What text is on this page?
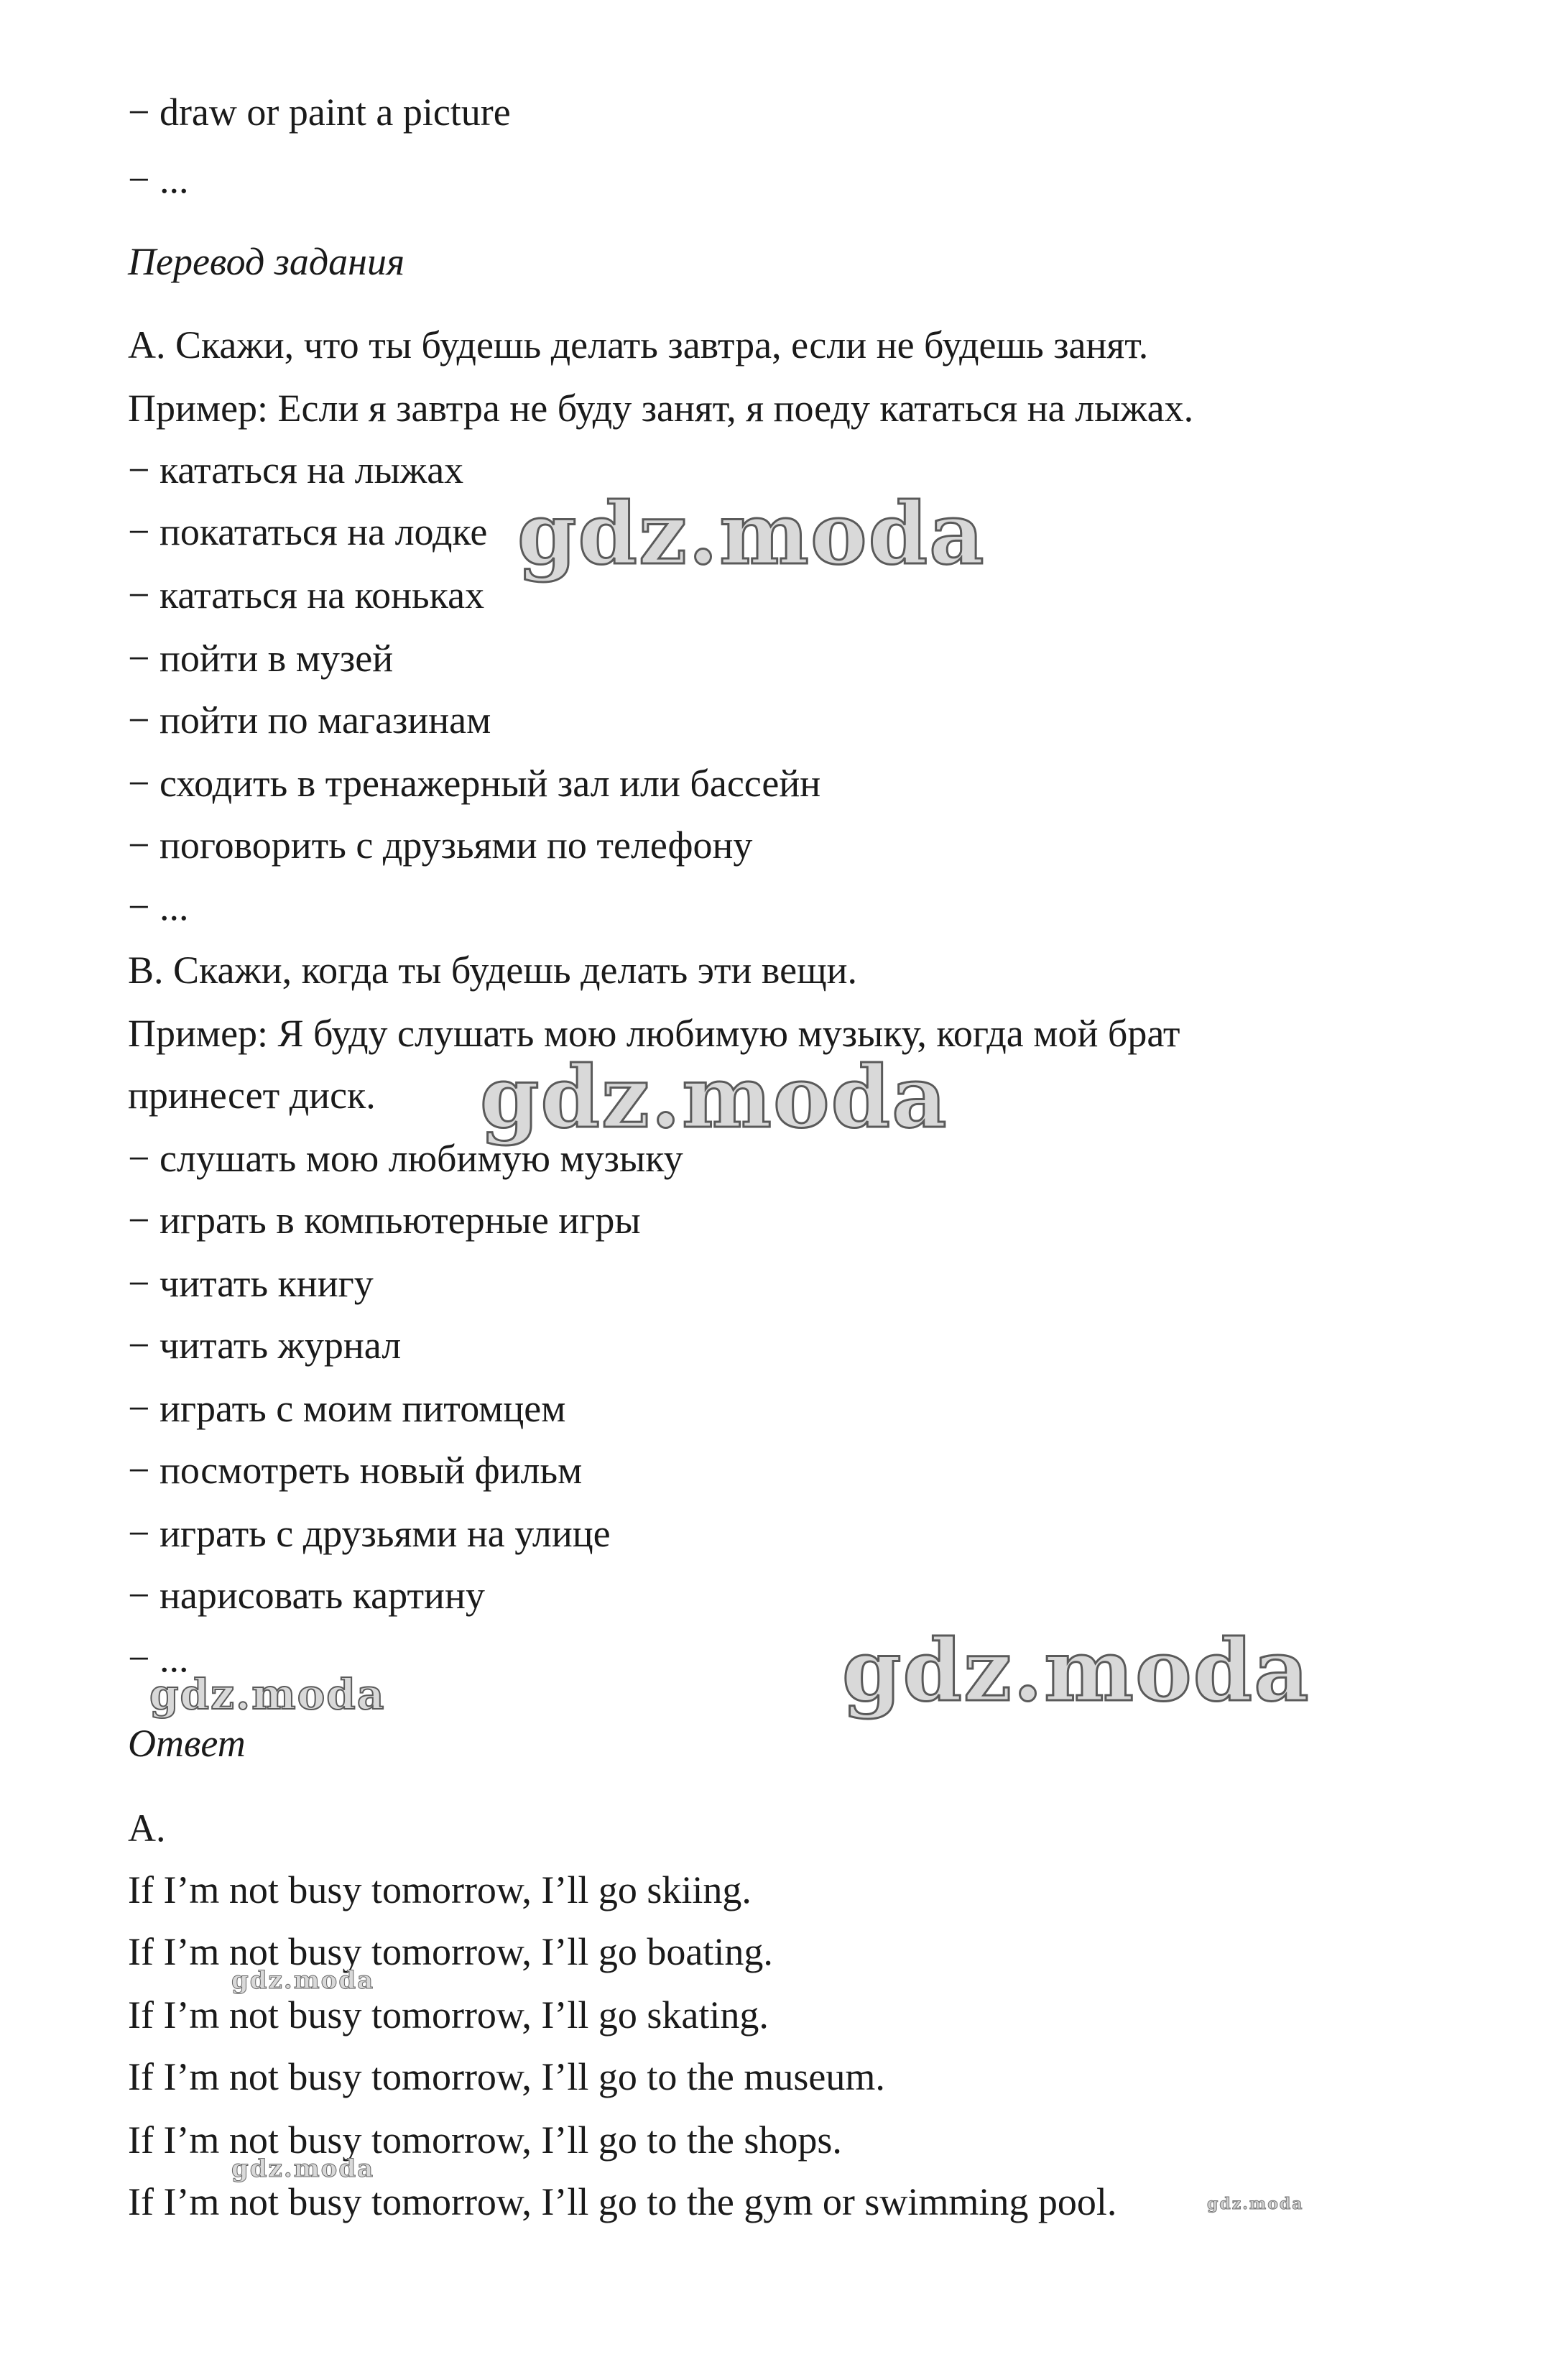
− draw or paint a picture
− ...
Перевод задания
A. Скажи, что ты будешь делать завтра, если не будешь занят.
Пример: Если я завтра не буду занят, я поеду кататься на лыжах.
− кататься на лыжах
− покататься на лодке
− кататься на коньках
− пойти в музей
− пойти по магазинам
− сходить в тренажерный зал или бассейн
− поговорить с друзьями по телефону
− ...
B. Скажи, когда ты будешь делать эти вещи.
Пример: Я буду слушать мою любимую музыку, когда мой брат
принесет диск.
− слушать мою любимую музыку
− играть в компьютерные игры
− читать книгу
− читать журнал
− играть с моим питомцем
− посмотреть новый фильм
− играть с друзьями на улице
− нарисовать картину
− ...
Ответ
A.
If I’m not busy tomorrow, I’ll go skiing.
If I’m not busy tomorrow, I’ll go boating.
If I’m not busy tomorrow, I’ll go skating.
If I’m not busy tomorrow, I’ll go to the museum.
If I’m not busy tomorrow, I’ll go to the shops.
If I’m not busy tomorrow, I’ll go to the gym or swimming pool.
gdz.moda
gdz.moda
gdz.moda
gdz.moda
gdz.moda
gdz.moda
gdz.moda
